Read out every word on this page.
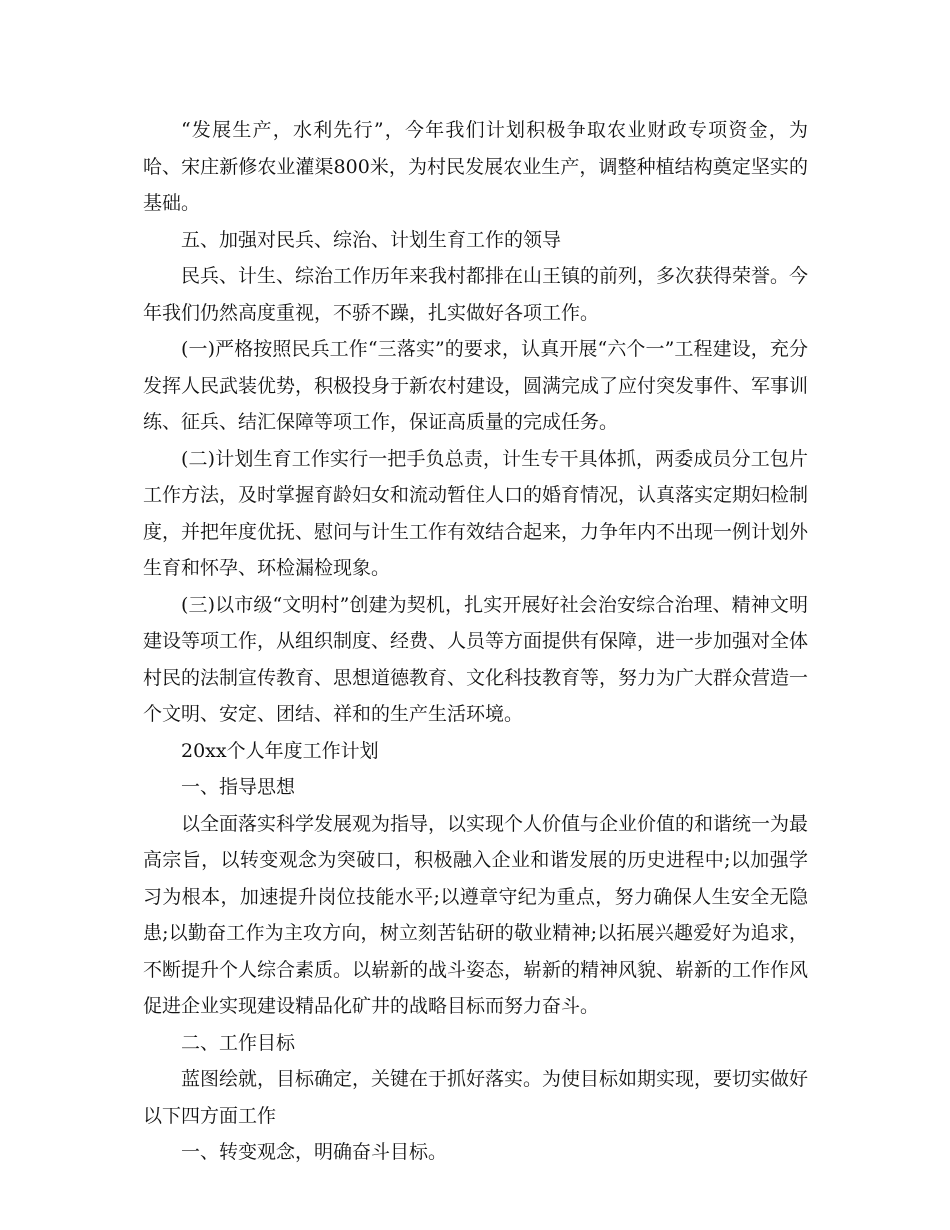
“发展生产，水利先行”，今年我们计划积极争取农业财政专项资金，为哈、宋庄新修农业灌渠800米，为村民发展农业生产，调整种植结构奠定坚实的基础。

五、加强对民兵、综治、计划生育工作的领导

民兵、计生、综治工作历年来我村都排在山王镇的前列，多次获得荣誉。今年我们仍然高度重视，不骄不躁，扎实做好各项工作。

(一)严格按照民兵工作“三落实”的要求，认真开展“六个一”工程建设，充分发挥人民武装优势，积极投身于新农村建设，圆满完成了应付突发事件、军事训练、征兵、结汇保障等项工作，保证高质量的完成任务。

(二)计划生育工作实行一把手负总责，计生专干具体抓，两委成员分工包片工作方法，及时掌握育龄妇女和流动暂住人口的婚育情况，认真落实定期妇检制度，并把年度优抚、慰问与计生工作有效结合起来，力争年内不出现一例计划外生育和怀孕、环检漏检现象。

(三)以市级“文明村”创建为契机，扎实开展好社会治安综合治理、精神文明建设等项工作，从组织制度、经费、人员等方面提供有保障，进一步加强对全体村民的法制宣传教育、思想道德教育、文化科技教育等，努力为广大群众营造一个文明、安定、团结、祥和的生产生活环境。

20xx个人年度工作计划

一、指导思想

以全面落实科学发展观为指导，以实现个人价值与企业价值的和谐统一为最高宗旨，以转变观念为突破口，积极融入企业和谐发展的历史进程中;以加强学习为根本，加速提升岗位技能水平;以遵章守纪为重点，努力确保人生安全无隐患;以勤奋工作为主攻方向，树立刻苦钻研的敬业精神;以拓展兴趣爱好为追求，不断提升个人综合素质。以崭新的战斗姿态，崭新的精神风貌、崭新的工作作风促进企业实现建设精品化矿井的战略目标而努力奋斗。

二、工作目标

蓝图绘就，目标确定，关键在于抓好落实。为使目标如期实现，要切实做好以下四方面工作

一、转变观念，明确奋斗目标。
